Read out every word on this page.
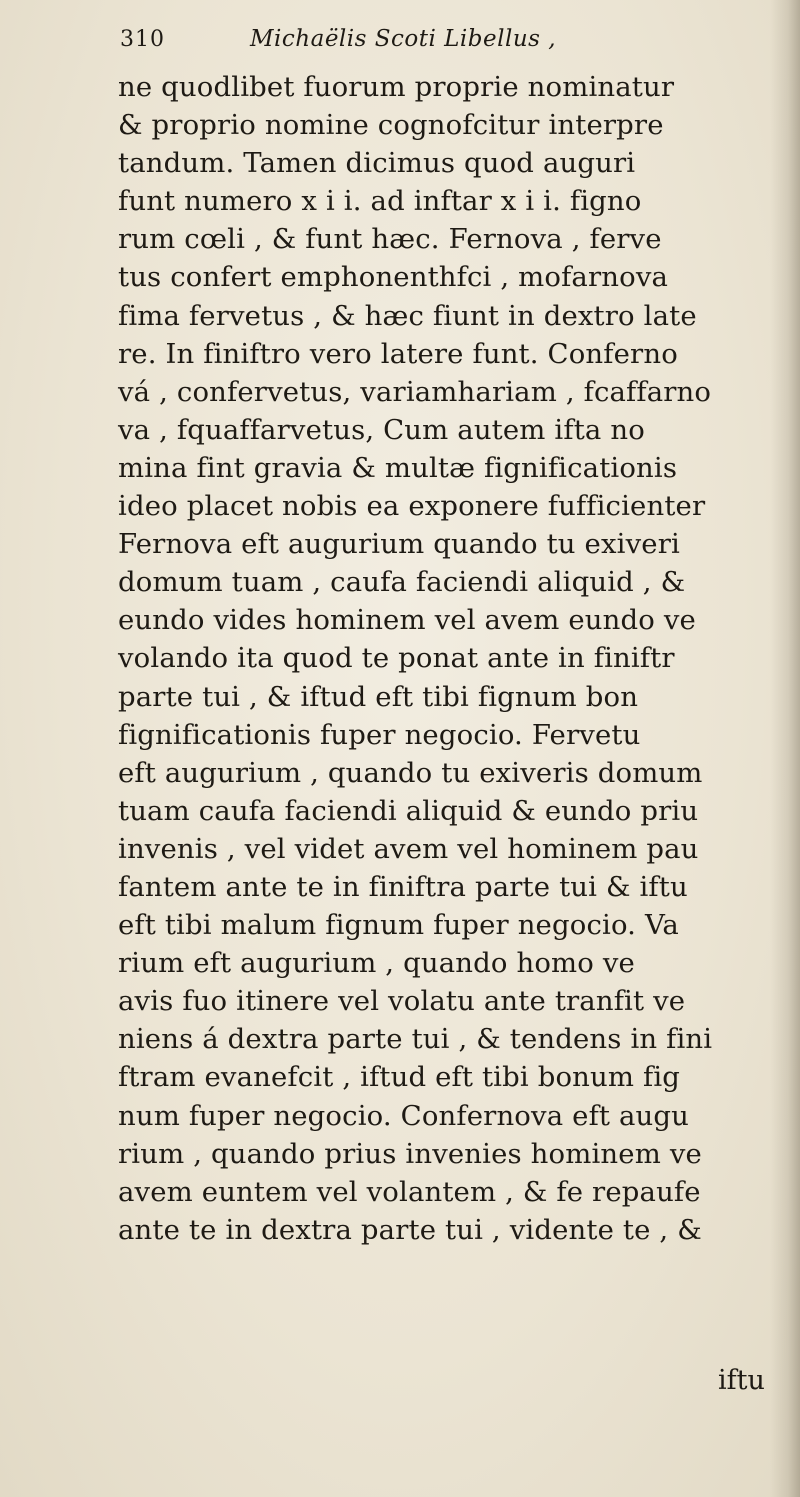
310	Michaëlis Scoti Libellus ,
ne quodlibet fuorum proprie nominatur
& proprio nomine cognofcitur interpre
tandum. Tamen dicimus quod auguri
funt numero x i i. ad inftar x i i. figno
rum cœli , & funt hæc. Fernova , ferve
tus confert emphonenthfci , mofarnova
fima fervetus , & hæc fiunt in dextro late
re. In finiftro vero latere funt. Conferno
vá , confervetus, variamhariam , fcaffarno
va , fquaffarvetus, Cum autem ifta no
mina fint gravia & multæ fignificationis
ideo placet nobis ea exponere fufficienter
Fernova eft augurium quando tu exiveri
domum tuam , caufa faciendi aliquid , &
eundo vides hominem vel avem eundo ve
volando ita quod te ponat ante in finiftr
parte tui , & iftud eft tibi fignum bon
fignificationis fuper negocio. Fervetu
eft augurium , quando tu exiveris domum
tuam caufa faciendi aliquid & eundo priu
invenis , vel videt avem vel hominem pau
fantem ante te in finiftra parte tui & iftu
eft tibi malum fignum fuper negocio. Va
rium eft augurium , quando homo ve
avis fuo itinere vel volatu ante tranfit ve
niens á dextra parte tui , & tendens in fini
ftram evanefcit , iftud eft tibi bonum fig
num fuper negocio. Confernova eft augu
rium , quando prius invenies hominem ve
avem euntem vel volantem , & fe repaufe
ante te in dextra parte tui , vidente te , &
iftu
